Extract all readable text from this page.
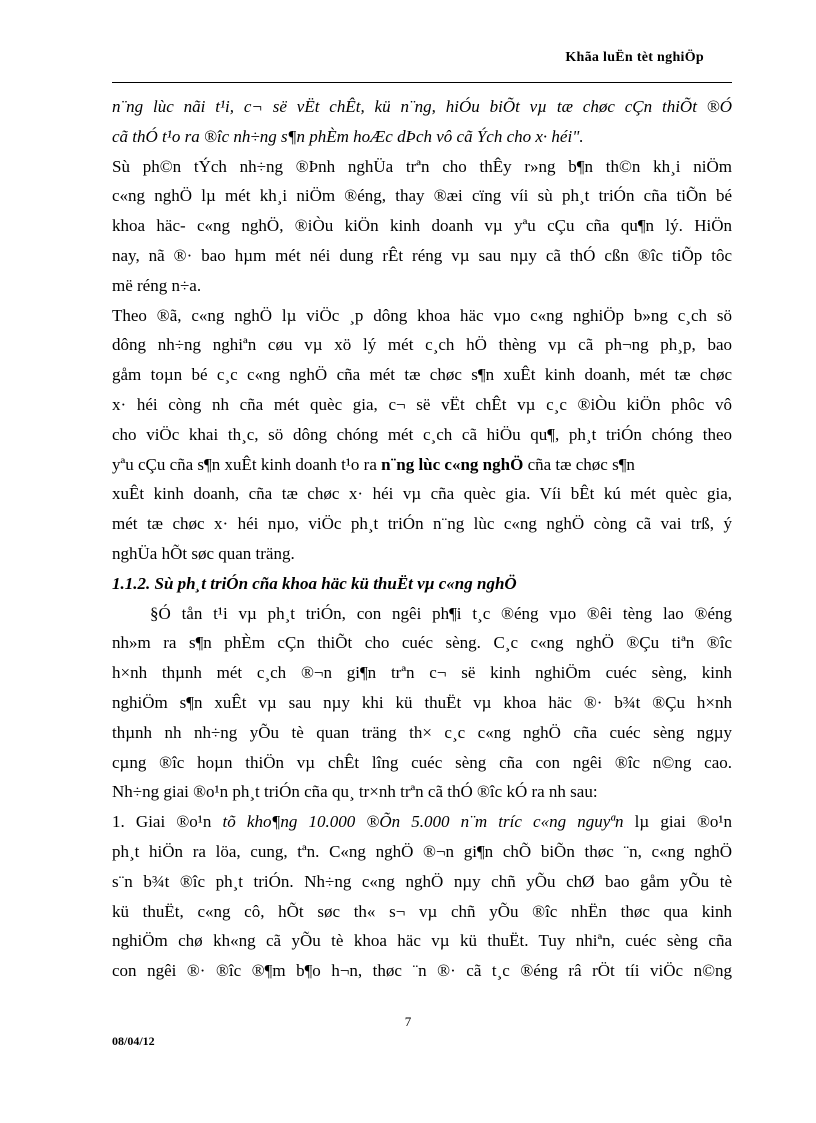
Khãa luËn tèt nghiÖp
n¨ng lùc nãi t¹i, c¬ së vËt chÊt, kü n¨ng, hiÓu biÕt vµ tæ chøc cÇn thiÕt ®Ó
cã thÓ t¹o ra ®îc nh÷ng s¶n phÈm hoÆc dÞch vô cã Ých cho x· héi".
Sù ph©n tÝch nh÷ng ®Þnh nghÜa trªn cho thÊy r»ng b¶n th©n kh¸i niÖm
c«ng nghÖ lµ mét kh¸i niÖm ®éng, thay ®æi cïng víi sù ph¸t triÓn cña tiÕn bé
khoa häc- c«ng nghÖ, ®iÒu kiÖn kinh doanh vµ yªu cÇu cña qu¶n lý. HiÖn
nay, nã ®· bao hµm mét néi dung rÊt réng vµ sau nµy cã thÓ cßn ®îc tiÕp tôc
më réng n÷a.
Theo ®ã, c«ng nghÖ lµ viÖc ¸p dông khoa häc vµo c«ng nghiÖp b»ng c¸ch sö
dông nh÷ng nghiªn cøu vµ xö lý mét c¸ch hÖ thèng vµ cã ph¬ng ph¸p, bao
gåm toµn bé c¸c c«ng nghÖ cña mét tæ chøc s¶n xuÊt kinh doanh, mét tæ chøc
x· héi còng nh cña mét quèc gia, c¬ së vËt chÊt vµ c¸c ®iÒu kiÖn phôc vô
cho viÖc khai th¸c, sö dông chóng mét c¸ch cã hiÖu qu¶, ph¸t triÓn chóng theo
yªu cÇu cña s¶n xuÊt kinh doanh t¹o ra n¨ng lùc c«ng nghÖ cña tæ chøc s¶n
xuÊt kinh doanh, cña tæ chøc x· héi vµ cña quèc gia. Víi bÊt kú mét quèc gia,
mét tæ chøc x· héi nµo, viÖc ph¸t triÓn n¨ng lùc c«ng nghÖ còng cã vai trß, ý
nghÜa hÕt søc quan träng.
1.1.2. Sù ph¸t triÓn cña khoa häc kü thuËt vµ c«ng nghÖ
§Ó tån t¹i vµ ph¸t triÓn, con ngêi ph¶i t¸c ®éng vµo ®êi tèng lao ®éng
nh»m ra s¶n phÈm cÇn thiÕt cho cuéc sèng. C¸c c«ng nghÖ ®Çu tiªn ®îc
h×nh thµnh mét c¸ch ®¬n gi¶n trªn c¬ së kinh nghiÖm cuéc sèng, kinh
nghiÖm s¶n xuÊt vµ sau nµy khi kü thuËt vµ khoa häc ®· b¾t ®Çu h×nh
thµnh nh nh÷ng yÕu tè quan träng th× c¸c c«ng nghÖ cña cuéc sèng ngµy
cµng ®îc hoµn thiÖn vµ chÊt lîng cuéc sèng cña con ngêi ®îc n©ng cao.
Nh÷ng giai ®o¹n ph¸t triÓn cña qu¸ tr×nh trªn cã thÓ ®îc kÓ ra nh sau:
1. Giai ®o¹n tõ kho¶ng 10.000 ®Õn 5.000 n¨m tríc c«ng nguyªn lµ giai ®o¹n
ph¸t hiÖn ra löa, cung, tªn. C«ng nghÖ ®¬n gi¶n chÕ biÕn thøc ¨n, c«ng nghÖ
s¨n b¾t ®îc ph¸t triÓn. Nh÷ng c«ng nghÖ nµy chñ yÕu chØ bao gåm yÕu tè
kü thuËt, c«ng cô, hÕt søc th« s¬ vµ chñ yÕu ®îc nhËn thøc qua kinh
nghiÖm chø kh«ng cã yÕu tè khoa häc vµ kü thuËt. Tuy nhiªn, cuéc sèng cña
con ngêi ®· ®îc ®¶m b¶o h¬n, thøc ¨n ®· cã t¸c ®éng râ rÖt tíi viÖc n©ng
7
08/04/12
